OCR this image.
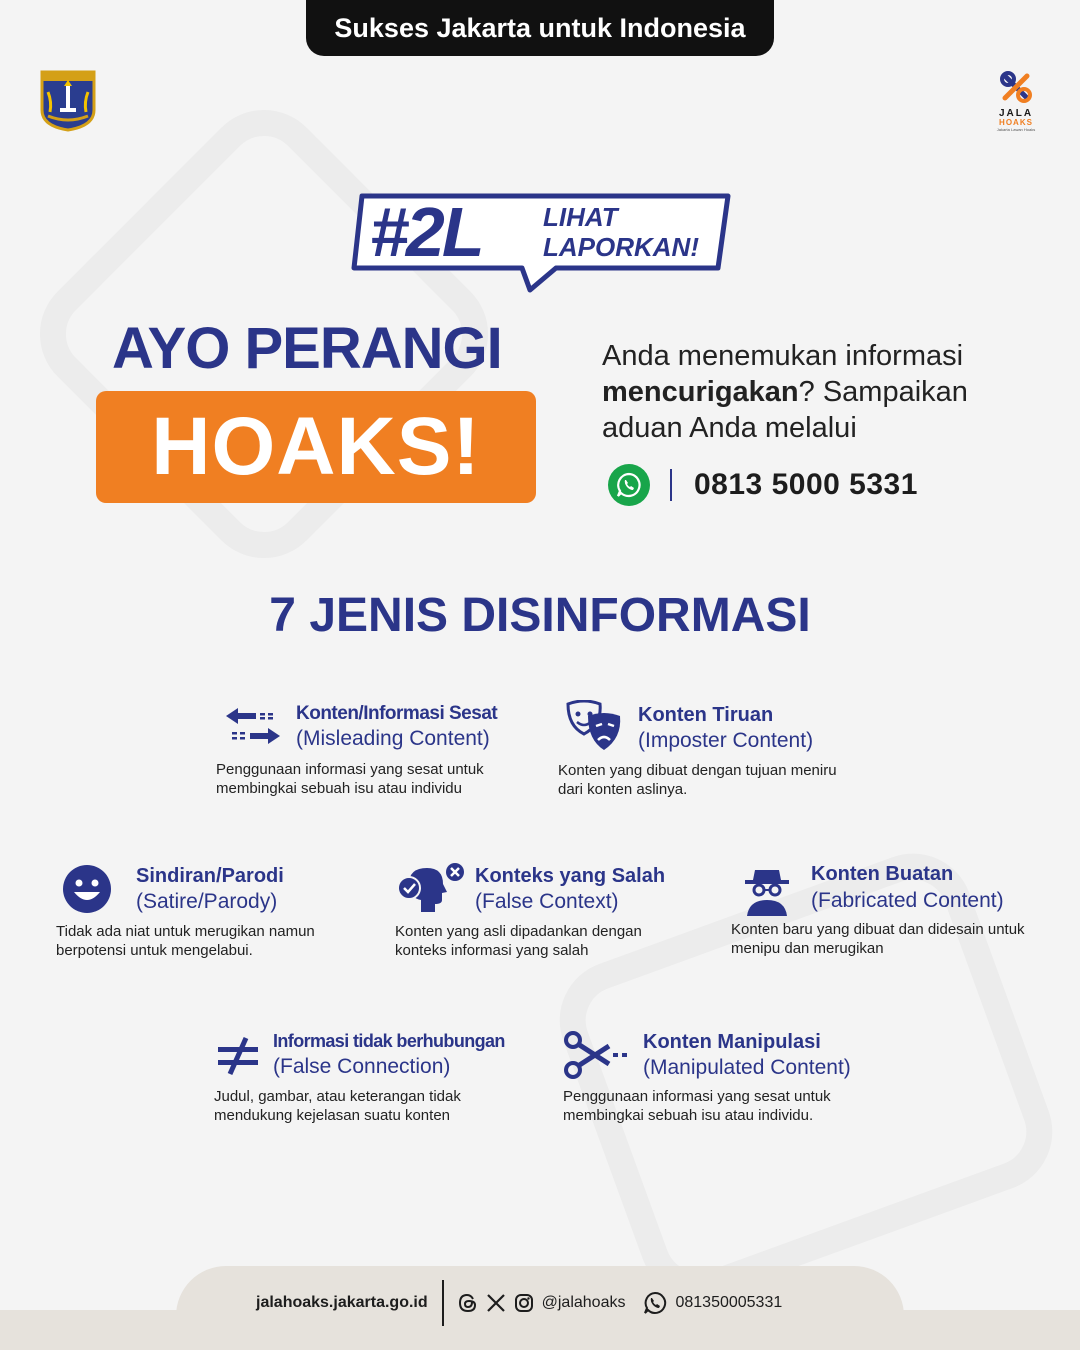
Sukses Jakarta untuk Indonesia
JALA
HOAKS
Jakarta Lawan Hoaks
#2L LIHAT
LAPORKAN!
AYO PERANGI
HOAKS!
Anda menemukan informasi mencurigakan? Sampaikan aduan Anda melalui
0813 5000 5331
7 JENIS DISINFORMASI
Konten/Informasi Sesat
(Misleading Content)
Penggunaan informasi yang sesat untuk membingkai sebuah isu atau individu
Konten Tiruan
(Imposter Content)
Konten yang dibuat dengan tujuan meniru dari konten aslinya.
Sindiran/Parodi
(Satire/Parody)
Tidak ada niat untuk merugikan namun berpotensi untuk mengelabui.
Konteks yang Salah
(False Context)
Konten yang asli dipadankan dengan konteks informasi yang salah
Konten Buatan
(Fabricated Content)
Konten baru yang dibuat dan didesain untuk menipu dan merugikan
Informasi tidak berhubungan
(False Connection)
Judul, gambar, atau keterangan tidak mendukung kejelasan suatu konten
Konten Manipulasi
(Manipulated Content)
Penggunaan informasi yang sesat untuk membingkai sebuah isu atau individu.
jalahoaks.jakarta.go.id	@jalahoaks	081350005331
